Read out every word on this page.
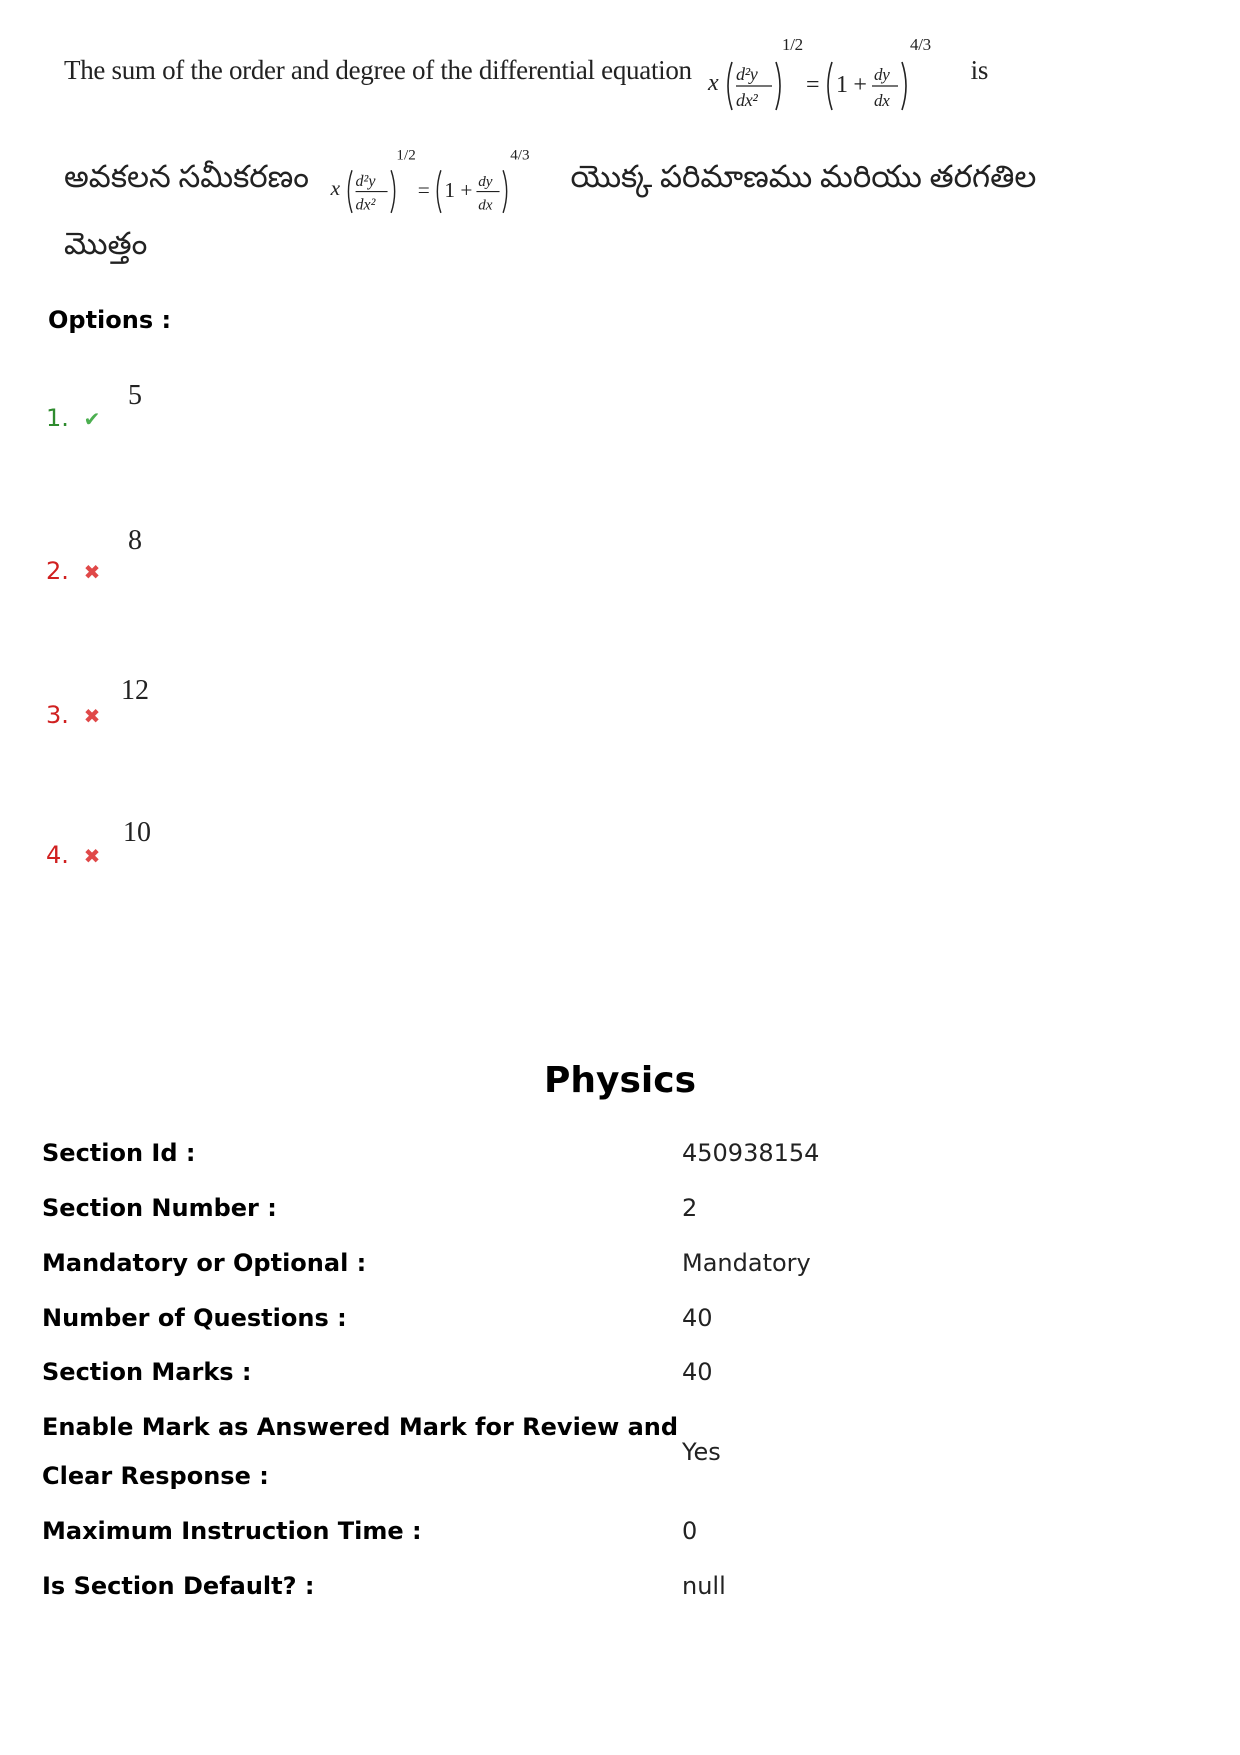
The sum of the order and degree of the differential equation x d²y
dx²
1/2
= 1 + dy
dx
4/3
is
అవకలన సమీకరణం x d²y
dx²
1/2
= 1 + dy
dx
4/3
యొక్క పరిమాణము మరియు తరగతిల
మొత్తం
Options :
1. ✔
5
2. ✖
8
3. ✖
12
4. ✖
10
Physics
Section Id :	450938154
Section Number :	2
Mandatory or Optional :	Mandatory
Number of Questions :	40
Section Marks :	40
Enable Mark as Answered Mark for Review and
Clear Response :
Yes
Maximum Instruction Time :	0
Is Section Default? :	null
